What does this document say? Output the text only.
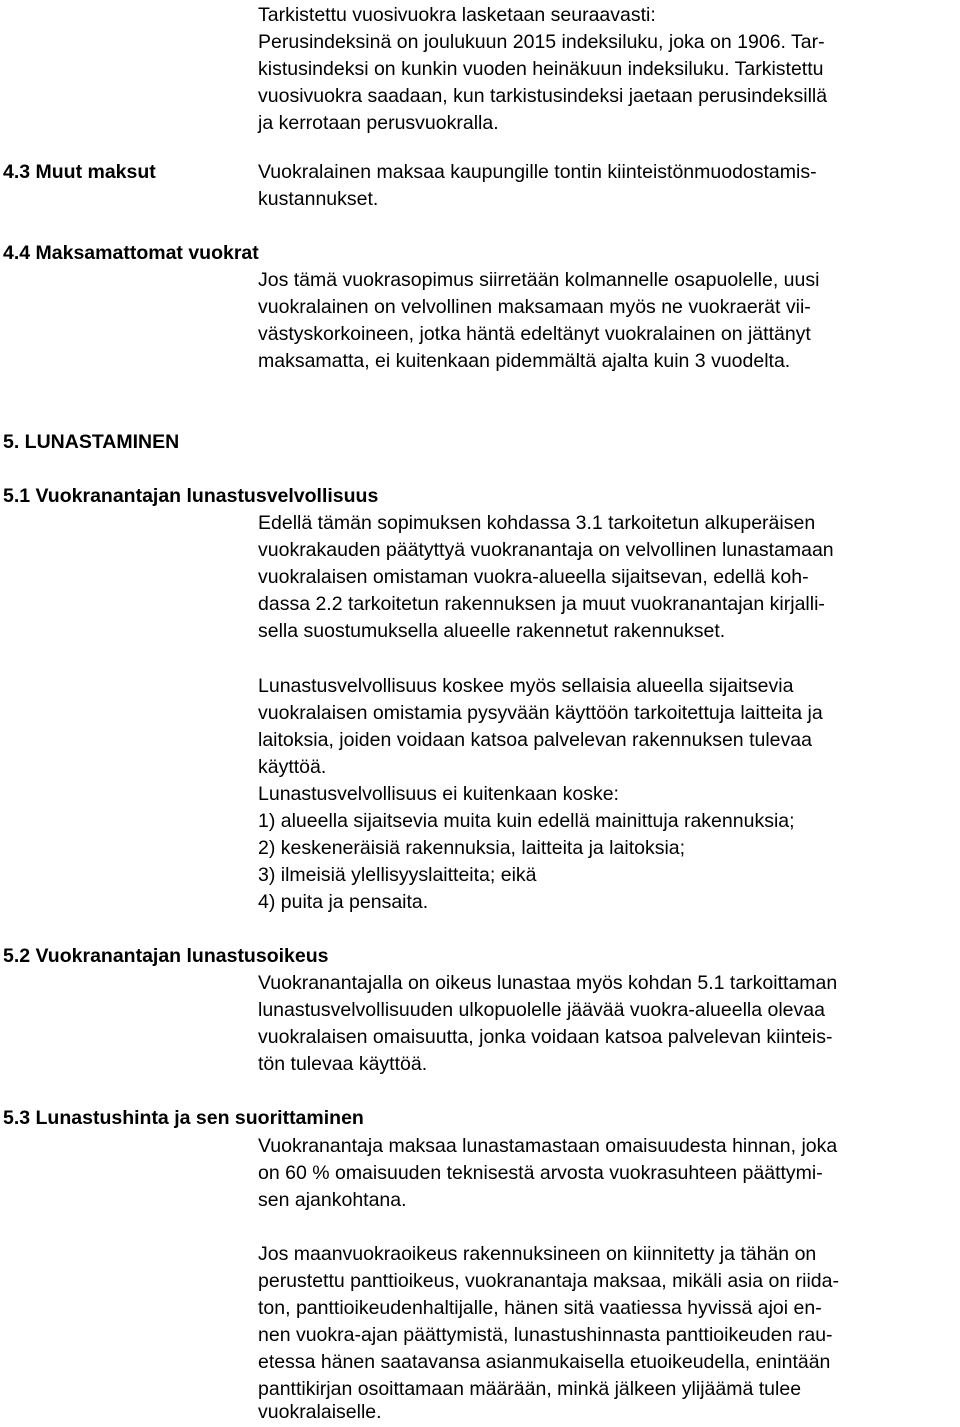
Tarkistettu vuosivuokra lasketaan seuraavasti:
Perusindeksinä on joulukuun 2015 indeksiluku, joka on 1906. Tar-
kistusindeksi on kunkin vuoden heinäkuun indeksiluku. Tarkistettu
vuosivuokra saadaan, kun tarkistusindeksi jaetaan perusindeksillä
ja kerrotaan perusvuokralla.
4.3 Muut maksut	Vuokralainen maksaa kaupungille tontin kiinteistönmuodostamis-
kustannukset.
4.4 Maksamattomat vuokrat
Jos tämä vuokrasopimus siirretään kolmannelle osapuolelle, uusi
vuokralainen on velvollinen maksamaan myös ne vuokraerät vii-
västyskorkoineen, jotka häntä edeltänyt vuokralainen on jättänyt
maksamatta, ei kuitenkaan pidemmältä ajalta kuin 3 vuodelta.
5. LUNASTAMINEN
5.1 Vuokranantajan lunastusvelvollisuus
Edellä tämän sopimuksen kohdassa 3.1 tarkoitetun alkuperäisen
vuokrakauden päätyttyä vuokranantaja on velvollinen lunastamaan
vuokralaisen omistaman vuokra-alueella sijaitsevan, edellä koh-
dassa 2.2 tarkoitetun rakennuksen ja muut vuokranantajan kirjalli-
sella suostumuksella alueelle rakennetut rakennukset.
Lunastusvelvollisuus koskee myös sellaisia alueella sijaitsevia
vuokralaisen omistamia pysyvään käyttöön tarkoitettuja laitteita ja
laitoksia, joiden voidaan katsoa palvelevan rakennuksen tulevaa
käyttöä.
Lunastusvelvollisuus ei kuitenkaan koske:
1) alueella sijaitsevia muita kuin edellä mainittuja rakennuksia;
2) keskeneräisiä rakennuksia, laitteita ja laitoksia;
3) ilmeisiä ylellisyyslaitteita; eikä
4) puita ja pensaita.
5.2 Vuokranantajan lunastusoikeus
Vuokranantajalla on oikeus lunastaa myös kohdan 5.1 tarkoittaman
lunastusvelvollisuuden ulkopuolelle jäävää vuokra-alueella olevaa
vuokralaisen omaisuutta, jonka voidaan katsoa palvelevan kiinteis-
tön tulevaa käyttöä.
5.3 Lunastushinta ja sen suorittaminen
Vuokranantaja maksaa lunastamastaan omaisuudesta hinnan, joka
on 60 % omaisuuden teknisestä arvosta vuokrasuhteen päättymi-
sen ajankohtana.
Jos maanvuokraoikeus rakennuksineen on kiinnitetty ja tähän on
perustettu panttioikeus, vuokranantaja maksaa, mikäli asia on riida-
ton, panttioikeudenhaltijalle, hänen sitä vaatiessa hyvissä ajoi en-
nen vuokra-ajan päättymistä, lunastushinnasta panttioikeuden rau-
etessa hänen saatavansa asianmukaisella etuoikeudella, enintään
panttikirjan osoittamaan määrään, minkä jälkeen ylijäämä tulee
vuokralaiselle.
